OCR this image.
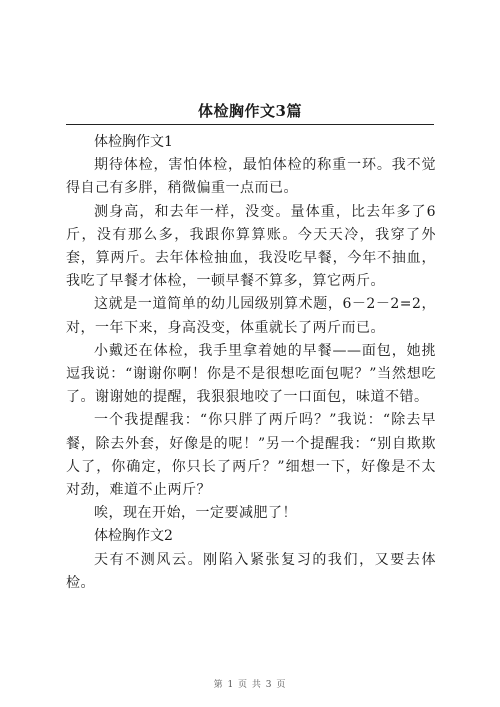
体检胸作文3篇
体检胸作文1

期待体检，害怕体检，最怕体检的称重一环。我不觉得自己有多胖，稍微偏重一点而已。

测身高，和去年一样，没变。量体重，比去年多了6斤，没有那么多，我跟你算算账。今天天冷，我穿了外套，算两斤。去年体检抽血，我没吃早餐，今年不抽血，我吃了早餐才体检，一顿早餐不算多，算它两斤。

这就是一道简单的幼儿园级别算术题，6－2－2=2，对，一年下来，身高没变，体重就长了两斤而已。

小戴还在体检，我手里拿着她的早餐——面包，她挑逗我说：“谢谢你啊！你是不是很想吃面包呢？”当然想吃了。谢谢她的提醒，我狠狠地咬了一口面包，味道不错。

一个我提醒我：“你只胖了两斤吗？”我说：“除去早餐，除去外套，好像是的呢！”另一个提醒我：“别自欺欺人了，你确定，你只长了两斤？”细想一下，好像是不太对劲，难道不止两斤？

唉，现在开始，一定要减肥了！

体检胸作文2

天有不测风云。刚陷入紧张复习的我们，又要去体检。

第 1 页 共 3 页
